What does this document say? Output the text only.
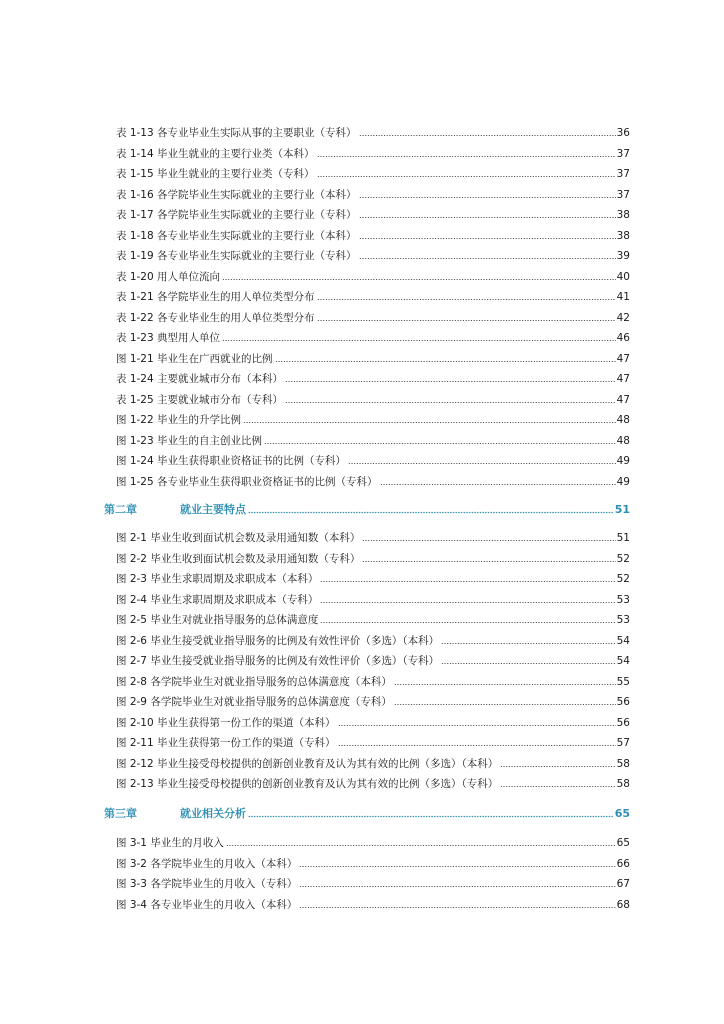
表 1-13 各专业毕业生实际从事的主要职业（专科）	36
表 1-14 毕业生就业的主要行业类（本科）	37
表 1-15 毕业生就业的主要行业类（专科）	37
表 1-16 各学院毕业生实际就业的主要行业（本科）	37
表 1-17 各学院毕业生实际就业的主要行业（专科）	38
表 1-18 各专业毕业生实际就业的主要行业（本科）	38
表 1-19 各专业毕业生实际就业的主要行业（专科）	39
表 1-20 用人单位流向	40
表 1-21 各学院毕业生的用人单位类型分布	41
表 1-22 各专业毕业生的用人单位类型分布	42
表 1-23 典型用人单位	46
图 1-21 毕业生在广西就业的比例	47
表 1-24 主要就业城市分布（本科）	47
表 1-25 主要就业城市分布（专科）	47
图 1-22 毕业生的升学比例	48
图 1-23 毕业生的自主创业比例	48
图 1-24 毕业生获得职业资格证书的比例（专科）	49
图 1-25 各专业毕业生获得职业资格证书的比例（专科）	49
第二章	就业主要特点	51
图 2-1 毕业生收到面试机会数及录用通知数（本科）	51
图 2-2 毕业生收到面试机会数及录用通知数（专科）	52
图 2-3 毕业生求职周期及求职成本（本科）	52
图 2-4 毕业生求职周期及求职成本（专科）	53
图 2-5 毕业生对就业指导服务的总体满意度	53
图 2-6 毕业生接受就业指导服务的比例及有效性评价（多选）（本科）	54
图 2-7 毕业生接受就业指导服务的比例及有效性评价（多选）（专科）	54
图 2-8 各学院毕业生对就业指导服务的总体满意度（本科）	55
图 2-9 各学院毕业生对就业指导服务的总体满意度（专科）	56
图 2-10 毕业生获得第一份工作的渠道（本科）	56
图 2-11 毕业生获得第一份工作的渠道（专科）	57
图 2-12 毕业生接受母校提供的创新创业教育及认为其有效的比例（多选）（本科）	58
图 2-13 毕业生接受母校提供的创新创业教育及认为其有效的比例（多选）（专科）	58
第三章	就业相关分析	65
图 3-1 毕业生的月收入	65
图 3-2 各学院毕业生的月收入（本科）	66
图 3-3 各学院毕业生的月收入（专科）	67
图 3-4 各专业毕业生的月收入（本科）	68
